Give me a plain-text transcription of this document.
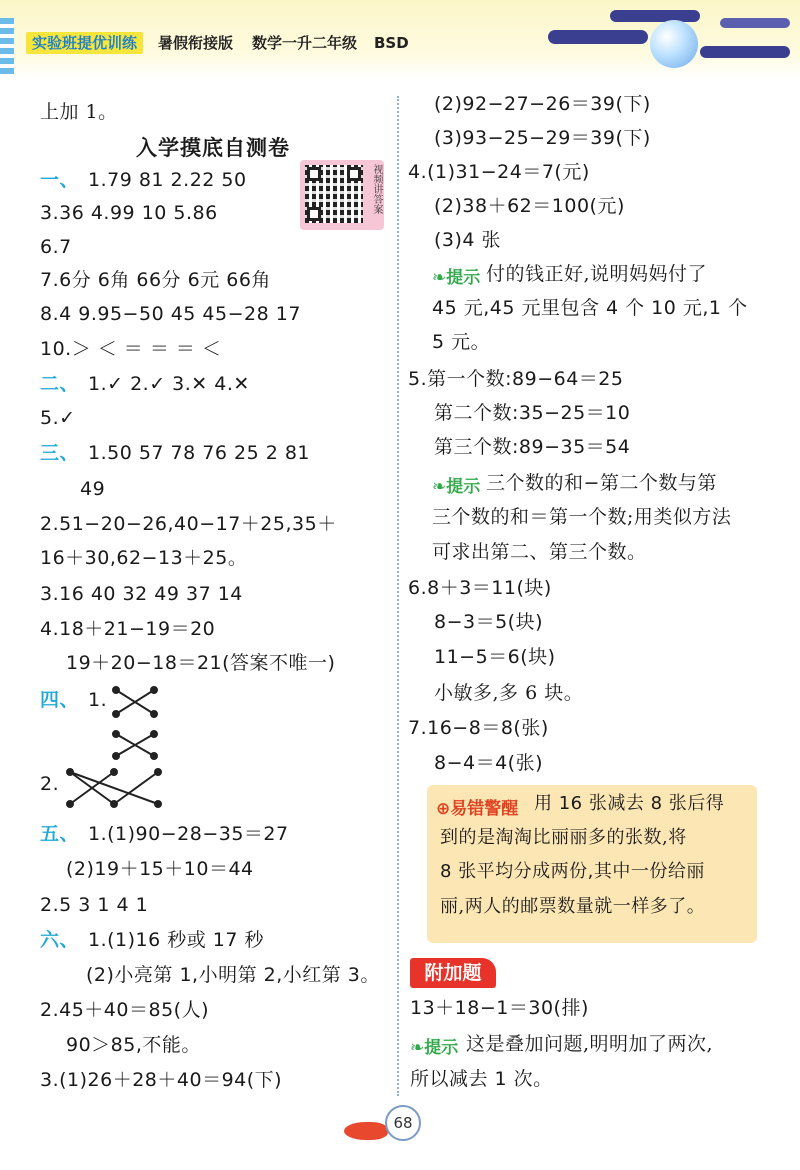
实验班提优训练	暑假衔接版 数学一升二年级 BSD
上加 1。
入学摸底自测卷
一、 1.79 81 2.22 50	视频讲答案
3.36 4.99 10 5.86
6.7
7.6分 6角 66分 6元 66角
8.4 9.95−50 45 45−28 17
10.＞ ＜ ＝ ＝ ＝ ＜
二、 1.✓ 2.✓ 3.✕ 4.✕
5.✓
三、 1.50 57 78 76 25 2 81
49
2.51−20−26,40−17＋25,35＋
16＋30,62−13＋25。
3.16 40 32 49 37 14
4.18＋21−19＝20
19＋20−18＝21(答案不唯一)
四、 1.
2.
五、 1.(1)90−28−35＝27
(2)19＋15＋10＝44
2.5 3 1 4 1
六、 1.(1)16 秒或 17 秒
(2)小亮第 1,小明第 2,小红第 3。
2.45＋40＝85(人)
90＞85,不能。
3.(1)26＋28＋40＝94(下)
(2)92−27−26＝39(下)
(3)93−25−29＝39(下)
4.(1)31−24＝7(元)
(2)38＋62＝100(元)
(3)4 张
❧提示 付的钱正好,说明妈妈付了
45 元,45 元里包含 4 个 10 元,1 个
5 元。
5.第一个数:89−64＝25
第二个数:35−25＝10
第三个数:89−35＝54
❧提示 三个数的和−第二个数与第
三个数的和＝第一个数;用类似方法
可求出第二、第三个数。
6.8＋3＝11(块)
8−3＝5(块)
11−5＝6(块)
小敏多,多 6 块。
7.16−8＝8(张)
8−4＝4(张)
⊕易错警醒 用 16 张减去 8 张后得
到的是淘淘比丽丽多的张数,将
8 张平均分成两份,其中一份给丽
丽,两人的邮票数量就一样多了。
附加题
13＋18−1＝30(排)
❧提示 这是叠加问题,明明加了两次,
所以减去 1 次。
68
